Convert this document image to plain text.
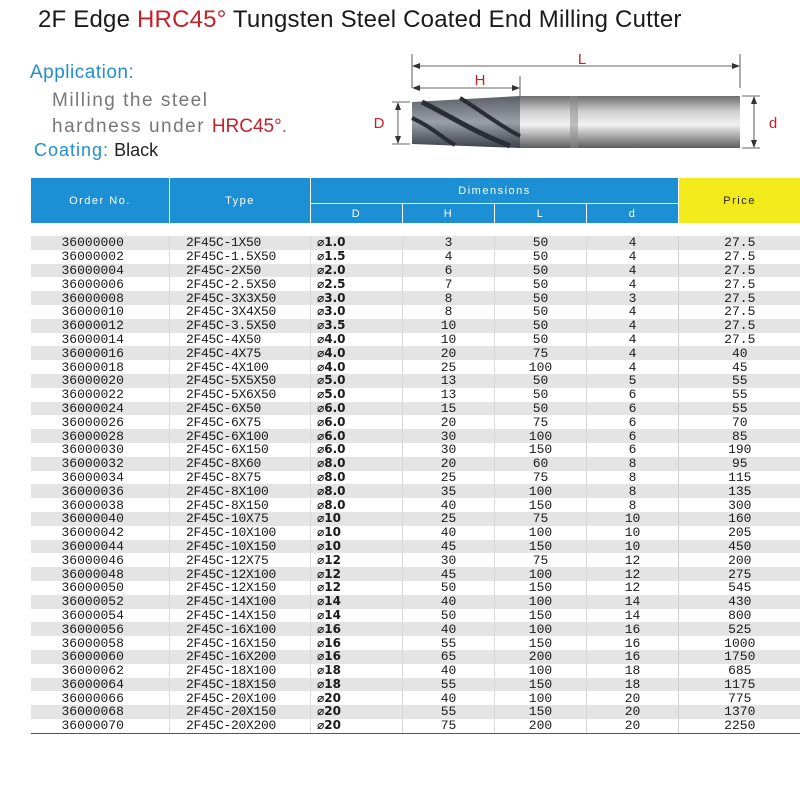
2F Edge HRC45° Tungsten Steel Coated End Milling Cutter
Application:
Milling the steel
hardness under HRC45°.
Coating: Black
L
H
D	d
Order No.	Type	Dimensions				Price
		D	H	L	d	

36000000	2F45C-1X50	⌀1.0	3	50	4	27.5
36000002	2F45C-1.5X50	⌀1.5	4	50	4	27.5
36000004	2F45C-2X50	⌀2.0	6	50	4	27.5
36000006	2F45C-2.5X50	⌀2.5	7	50	4	27.5
36000008	2F45C-3X3X50	⌀3.0	8	50	3	27.5
36000010	2F45C-3X4X50	⌀3.0	8	50	4	27.5
36000012	2F45C-3.5X50	⌀3.5	10	50	4	27.5
36000014	2F45C-4X50	⌀4.0	10	50	4	27.5
36000016	2F45C-4X75	⌀4.0	20	75	4	40
36000018	2F45C-4X100	⌀4.0	25	100	4	45
36000020	2F45C-5X5X50	⌀5.0	13	50	5	55
36000022	2F45C-5X6X50	⌀5.0	13	50	6	55
36000024	2F45C-6X50	⌀6.0	15	50	6	55
36000026	2F45C-6X75	⌀6.0	20	75	6	70
36000028	2F45C-6X100	⌀6.0	30	100	6	85
36000030	2F45C-6X150	⌀6.0	30	150	6	190
36000032	2F45C-8X60	⌀8.0	20	60	8	95
36000034	2F45C-8X75	⌀8.0	25	75	8	115
36000036	2F45C-8X100	⌀8.0	35	100	8	135
36000038	2F45C-8X150	⌀8.0	40	150	8	300
36000040	2F45C-10X75	⌀10	25	75	10	160
36000042	2F45C-10X100	⌀10	40	100	10	205
36000044	2F45C-10X150	⌀10	45	150	10	450
36000046	2F45C-12X75	⌀12	30	75	12	200
36000048	2F45C-12X100	⌀12	45	100	12	275
36000050	2F45C-12X150	⌀12	50	150	12	545
36000052	2F45C-14X100	⌀14	40	100	14	430
36000054	2F45C-14X150	⌀14	50	150	14	800
36000056	2F45C-16X100	⌀16	40	100	16	525
36000058	2F45C-16X150	⌀16	55	150	16	1000
36000060	2F45C-16X200	⌀16	65	200	16	1750
36000062	2F45C-18X100	⌀18	40	100	18	685
36000064	2F45C-18X150	⌀18	55	150	18	1175
36000066	2F45C-20X100	⌀20	40	100	20	775
36000068	2F45C-20X150	⌀20	55	150	20	1370
36000070	2F45C-20X200	⌀20	75	200	20	2250
